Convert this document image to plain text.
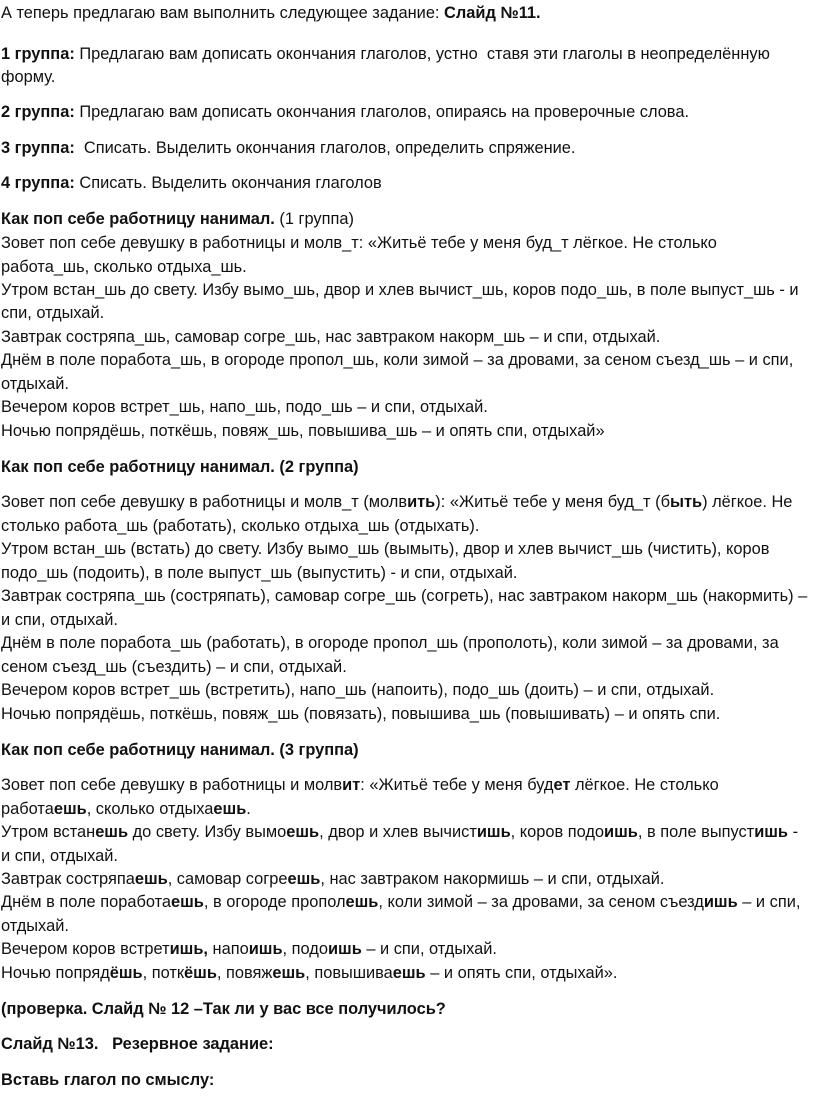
А теперь предлагаю вам выполнить следующее задание: Слайд №11.
1 группа: Предлагаю вам дописать окончания глаголов, устно  ставя эти глаголы в неопределённую
форму.
2 группа: Предлагаю вам дописать окончания глаголов, опираясь на проверочные слова.
3 группа:  Списать. Выделить окончания глаголов, определить спряжение.
4 группа: Списать. Выделить окончания глаголов
Как поп себе работницу нанимал. (1 группа)
Зовет поп себе девушку в работницы и молв_т: «Житьё тебе у меня буд_т лёгкое. Не столько
работа_шь, сколько отдыха_шь.
Утром встан_шь до свету. Избу вымо_шь, двор и хлев вычист_шь, коров подо_шь, в поле выпуст_шь - и
спи, отдыхай.
Завтрак состряпа_шь, самовар согре_шь, нас завтраком накорм_шь – и спи, отдыхай.
Днём в поле поработа_шь, в огороде пропол_шь, коли зимой – за дровами, за сеном съезд_шь – и спи,
отдыхай.
Вечером коров встрет_шь, напо_шь, подо_шь – и спи, отдыхай.
Ночью попрядёшь, поткёшь, повяж_шь, повышива_шь – и опять спи, отдыхай»
Как поп себе работницу нанимал. (2 группа)
Зовет поп себе девушку в работницы и молв_т (молвить): «Житьё тебе у меня буд_т (быть) лёгкое. Не
столько работа_шь (работать), сколько отдыха_шь (отдыхать).
Утром встан_шь (встать) до свету. Избу вымо_шь (вымыть), двор и хлев вычист_шь (чистить), коров
подо_шь (подоить), в поле выпуст_шь (выпустить) - и спи, отдыхай.
Завтрак состряпа_шь (состряпать), самовар согре_шь (согреть), нас завтраком накорм_шь (накормить) –
и спи, отдыхай.
Днём в поле поработа_шь (работать), в огороде пропол_шь (прополоть), коли зимой – за дровами, за
сеном съезд_шь (съездить) – и спи, отдыхай.
Вечером коров встрет_шь (встретить), напо_шь (напоить), подо_шь (доить) – и спи, отдыхай.
Ночью попрядёшь, поткёшь, повяж_шь (повязать), повышива_шь (повышивать) – и опять спи.
Как поп себе работницу нанимал. (3 группа)
Зовет поп себе девушку в работницы и молвит: «Житьё тебе у меня будет лёгкое. Не столько
работаешь, сколько отдыхаешь.
Утром встанешь до свету. Избу вымоешь, двор и хлев вычистишь, коров подоишь, в поле выпустишь -
и спи, отдыхай.
Завтрак состряпаешь, самовар согреешь, нас завтраком накормишь – и спи, отдыхай.
Днём в поле поработаешь, в огороде прополешь, коли зимой – за дровами, за сеном съездишь – и спи,
отдыхай.
Вечером коров встретишь, напоишь, подоишь – и спи, отдыхай.
Ночью попрядёшь, поткёшь, повяжешь, повышиваешь – и опять спи, отдыхай».
(проверка. Слайд № 12 –Так ли у вас все получилось?
Слайд №13.   Резервное задание:
Вставь глагол по смыслу:
